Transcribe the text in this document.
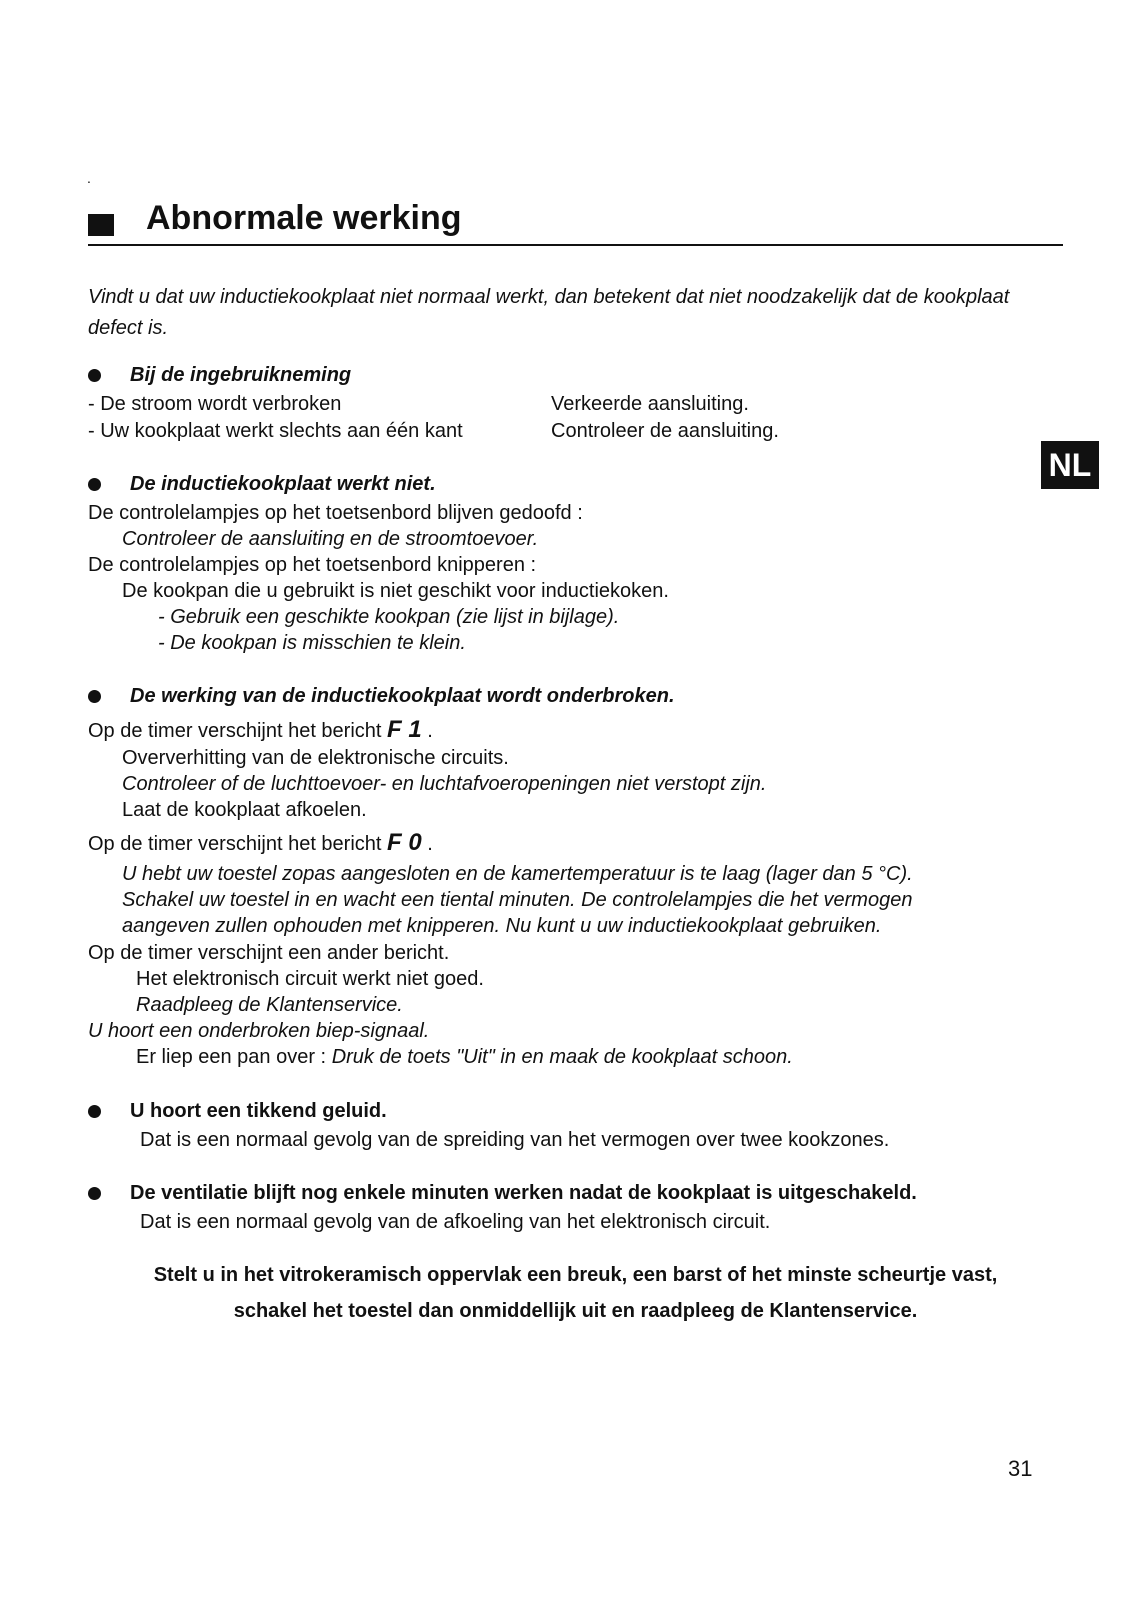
.
Abnormale werking
Vindt u dat uw inductiekookplaat niet normaal werkt, dan betekent dat niet noodzakelijk dat de kookplaat defect is.
NL
Bij de ingebruikneming
- De stroom wordt verbroken	Verkeerde aansluiting.
- Uw kookplaat werkt slechts aan één kant	Controleer de aansluiting.
De inductiekookplaat werkt niet.
De controlelampjes op het toetsenbord blijven gedoofd :
Controleer de aansluiting en de stroomtoevoer.
De controlelampjes op het toetsenbord knipperen :
De kookpan die u gebruikt is niet geschikt voor inductiekoken.
- Gebruik een geschikte kookpan (zie lijst in bijlage).
- De kookpan is misschien te klein.
De werking van de inductiekookplaat wordt onderbroken.
Op de timer verschijnt het bericht F 1 .
Oververhitting van de elektronische circuits.
Controleer of de luchttoevoer- en luchtafvoeropeningen niet verstopt zijn.
Laat de kookplaat afkoelen.
Op de timer verschijnt het bericht F 0 .
U hebt uw toestel zopas aangesloten en de kamertemperatuur is te laag (lager dan 5 °C).
Schakel uw toestel in en wacht een tiental minuten. De controlelampjes die het vermogen
aangeven zullen ophouden met knipperen. Nu kunt u uw inductiekookplaat gebruiken.
Op de timer verschijnt een ander bericht.
Het elektronisch circuit werkt niet goed.
Raadpleeg de Klantenservice.
U hoort een onderbroken biep-signaal.
Er liep een pan over : Druk de toets "Uit" in en maak de kookplaat schoon.
U hoort een tikkend geluid.
Dat is een normaal gevolg van de spreiding van het vermogen over twee kookzones.
De ventilatie blijft nog enkele minuten werken nadat de kookplaat is uitgeschakeld.
Dat is een normaal gevolg van de afkoeling van het elektronisch circuit.
Stelt u in het vitrokeramisch oppervlak een breuk, een barst of het minste scheurtje vast,
schakel het toestel dan onmiddellijk uit en raadpleeg de Klantenservice.
31
